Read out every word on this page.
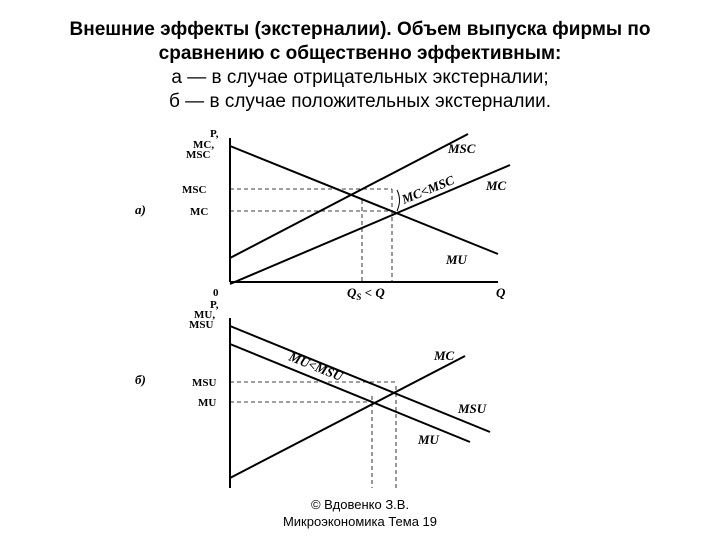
Внешние эффекты (экстерналии). Объем выпуска фирмы по
сравнению с общественно эффективным:
а — в случае отрицательных экстерналии;
б — в случае положительных экстерналии.
а)
P,
MC,
MSC
MSC
MC
MSC
MC
MU
MC<MSC
0	Q
$Q_S < Q$
б)
P,
MU,
MSU
MSU
MU
MC
MSU
MU
MU<MSU
© Вдовенко З.В.
Микроэкономика Тема 19
